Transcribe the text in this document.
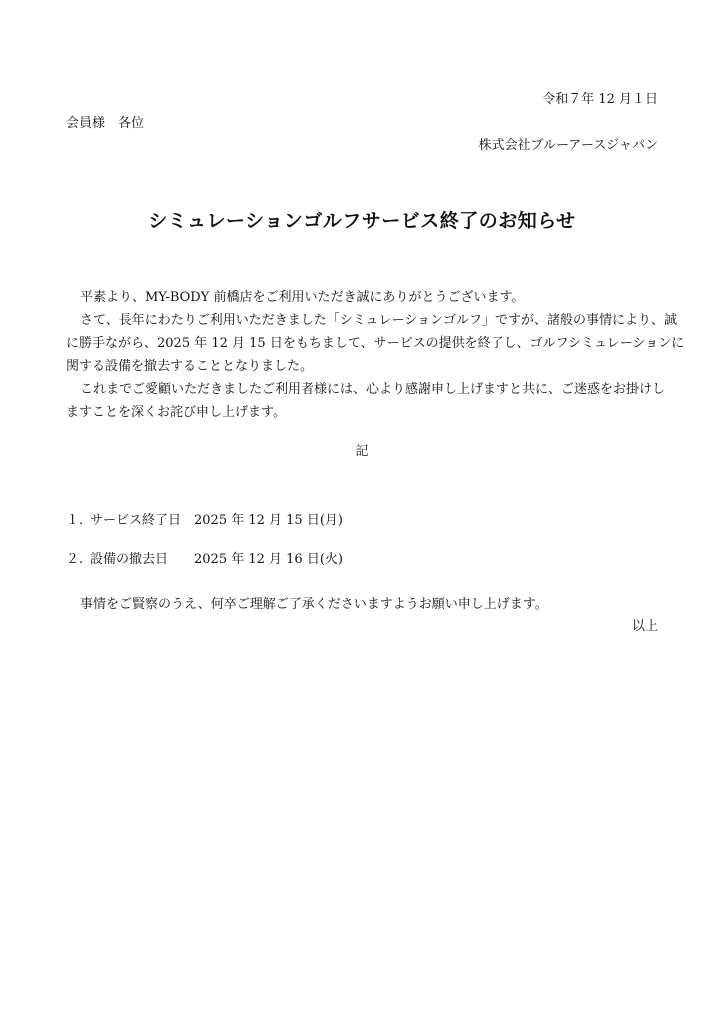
令和７年 12 月１日
会員様　各位
株式会社ブルーアースジャパン
シミュレーションゴルフサービス終了のお知らせ
平素より、MY-BODY 前橋店をご利用いただき誠にありがとうございます。
さて、長年にわたりご利用いただきました「シミュレーションゴルフ」ですが、諸般の事情により、誠
に勝手ながら、2025 年 12 月 15 日をもちまして、サービスの提供を終了し、ゴルフシミュレーションに
関する設備を撤去することとなりました。
これまでご愛顧いただきましたご利用者様には、心より感謝申し上げますと共に、ご迷惑をお掛けし
ますことを深くお詫び申し上げます。
記
１. サービス終了日 2025 年 12 月 15 日(月)
２. 設備の撤去日 2025 年 12 月 16 日(火)
事情をご賢察のうえ、何卒ご理解ご了承くださいますようお願い申し上げます。
以上
